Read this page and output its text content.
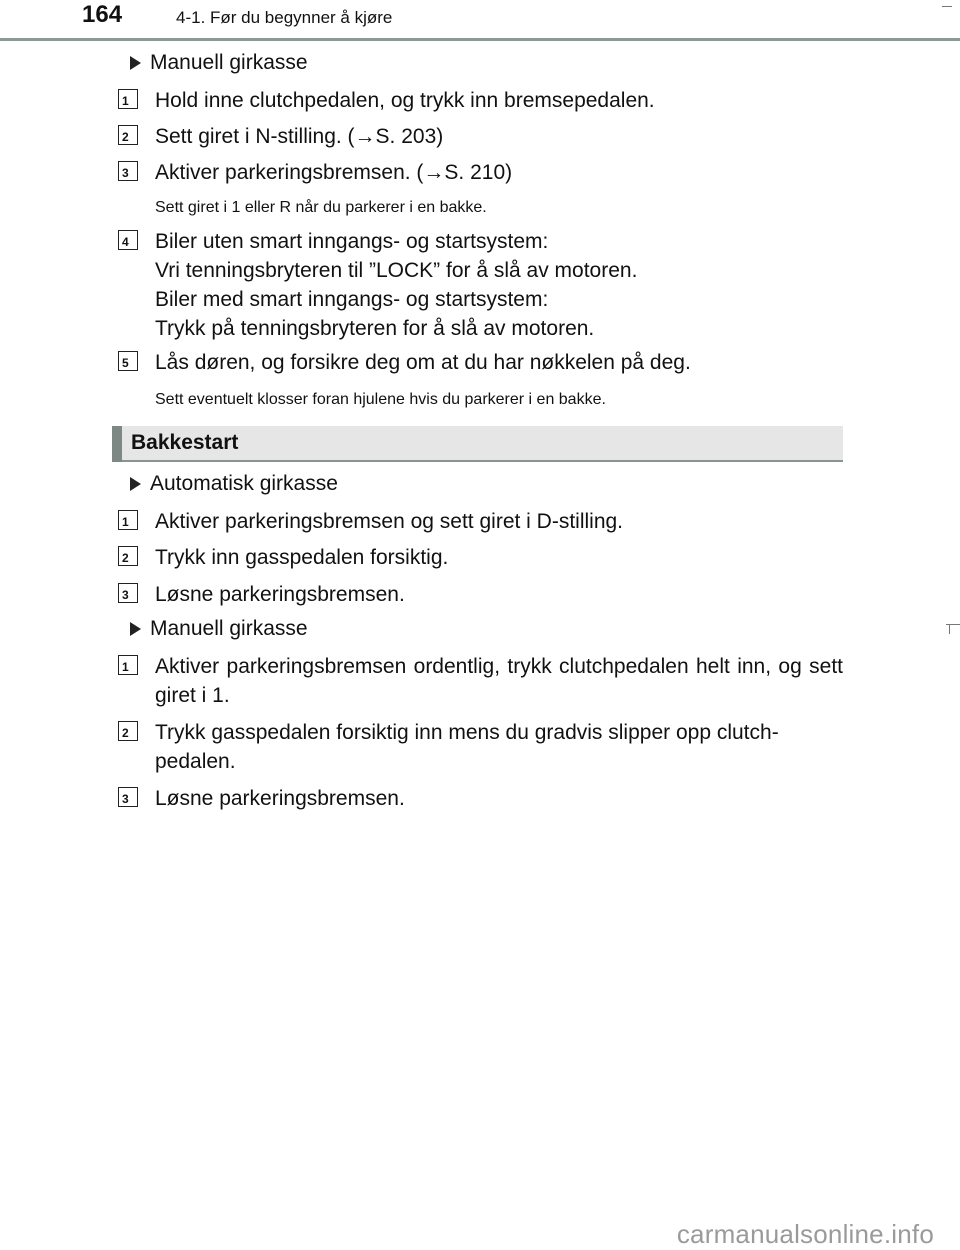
164	4-1. Før du begynner å kjøre
Manuell girkasse
1	Hold inne clutchpedalen, og trykk inn bremsepedalen.
2	Sett giret i N-stilling. (→S. 203)
3	Aktiver parkeringsbremsen. (→S. 210)
Sett giret i 1 eller R når du parkerer i en bakke.
4	Biler uten smart inngangs- og startsystem:
Vri tenningsbryteren til ”LOCK” for å slå av motoren.
Biler med smart inngangs- og startsystem:
Trykk på tenningsbryteren for å slå av motoren.
5	Lås døren, og forsikre deg om at du har nøkkelen på deg.
Sett eventuelt klosser foran hjulene hvis du parkerer i en bakke.
Bakkestart
Automatisk girkasse
1	Aktiver parkeringsbremsen og sett giret i D-stilling.
2	Trykk inn gasspedalen forsiktig.
3	Løsne parkeringsbremsen.
Manuell girkasse
1	Aktiver parkeringsbremsen ordentlig, trykk clutchpedalen helt inn, og sett giret i 1.
2	Trykk gasspedalen forsiktig inn mens du gradvis slipper opp clutch-pedalen.
3	Løsne parkeringsbremsen.
carmanualsonline.info
